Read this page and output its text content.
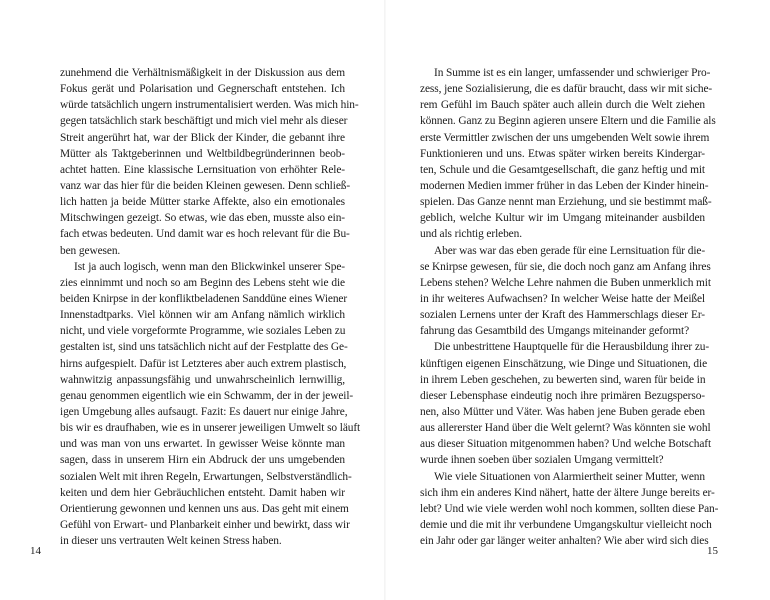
zunehmend die Verhältnismäßigkeit in der Diskussion aus dem
Fokus gerät und Polarisation und Gegnerschaft entstehen. Ich
würde tatsächlich ungern instrumentalisiert werden. Was mich hin-
gegen tatsächlich stark beschäftigt und mich viel mehr als dieser
Streit angerührt hat, war der Blick der Kinder, die gebannt ihre
Mütter als Taktgeberinnen und Weltbildbegründerinnen beob-
achtet hatten. Eine klassische Lernsituation von erhöhter Rele-
vanz war das hier für die beiden Kleinen gewesen. Denn schließ-
lich hatten ja beide Mütter starke Affekte, also ein emotionales
Mitschwingen gezeigt. So etwas, wie das eben, musste also ein-
fach etwas bedeuten. Und damit war es hoch relevant für die Bu-
ben gewesen.
Ist ja auch logisch, wenn man den Blickwinkel unserer Spe-
zies einnimmt und noch so am Beginn des Lebens steht wie die
beiden Knirpse in der konfliktbeladenen Sanddüne eines Wiener
Innenstadtparks. Viel können wir am Anfang nämlich wirklich
nicht, und viele vorgeformte Programme, wie soziales Leben zu
gestalten ist, sind uns tatsächlich nicht auf der Festplatte des Ge-
hirns aufgespielt. Dafür ist Letzteres aber auch extrem plastisch,
wahnwitzig anpassungsfähig und unwahrscheinlich lernwillig,
genau genommen eigentlich wie ein Schwamm, der in der jeweil-
igen Umgebung alles aufsaugt. Fazit: Es dauert nur einige Jahre,
bis wir es draufhaben, wie es in unserer jeweiligen Umwelt so läuft
und was man von uns erwartet. In gewisser Weise könnte man
sagen, dass in unserem Hirn ein Abdruck der uns umgebenden
sozialen Welt mit ihren Regeln, Erwartungen, Selbstverständlich-
keiten und dem hier Gebräuchlichen entsteht. Damit haben wir
Orientierung gewonnen und kennen uns aus. Das geht mit einem
Gefühl von Erwart- und Planbarkeit einher und bewirkt, dass wir
in dieser uns vertrauten Welt keinen Stress haben.
14
In Summe ist es ein langer, umfassender und schwieriger Pro-
zess, jene Sozialisierung, die es dafür braucht, dass wir mit siche-
rem Gefühl im Bauch später auch allein durch die Welt ziehen
können. Ganz zu Beginn agieren unsere Eltern und die Familie als
erste Vermittler zwischen der uns umgebenden Welt sowie ihrem
Funktionieren und uns. Etwas später wirken bereits Kindergar-
ten, Schule und die Gesamtgesellschaft, die ganz heftig und mit
modernen Medien immer früher in das Leben der Kinder hinein-
spielen. Das Ganze nennt man Erziehung, und sie bestimmt maß-
geblich, welche Kultur wir im Umgang miteinander ausbilden
und als richtig erleben.
Aber was war das eben gerade für eine Lernsituation für die-
se Knirpse gewesen, für sie, die doch noch ganz am Anfang ihres
Lebens stehen? Welche Lehre nahmen die Buben unmerklich mit
in ihr weiteres Aufwachsen? In welcher Weise hatte der Meißel
sozialen Lernens unter der Kraft des Hammerschlags dieser Er-
fahrung das Gesamtbild des Umgangs miteinander geformt?
Die unbestrittene Hauptquelle für die Herausbildung ihrer zu-
künftigen eigenen Einschätzung, wie Dinge und Situationen, die
in ihrem Leben geschehen, zu bewerten sind, waren für beide in
dieser Lebensphase eindeutig noch ihre primären Bezugsperso-
nen, also Mütter und Väter. Was haben jene Buben gerade eben
aus allererster Hand über die Welt gelernt? Was könnten sie wohl
aus dieser Situation mitgenommen haben? Und welche Botschaft
wurde ihnen soeben über sozialen Umgang vermittelt?
Wie viele Situationen von Alarmiertheit seiner Mutter, wenn
sich ihm ein anderes Kind nähert, hatte der ältere Junge bereits er-
lebt? Und wie viele werden wohl noch kommen, sollten diese Pan-
demie und die mit ihr verbundene Umgangskultur vielleicht noch
ein Jahr oder gar länger weiter anhalten? Wie aber wird sich dies
15
